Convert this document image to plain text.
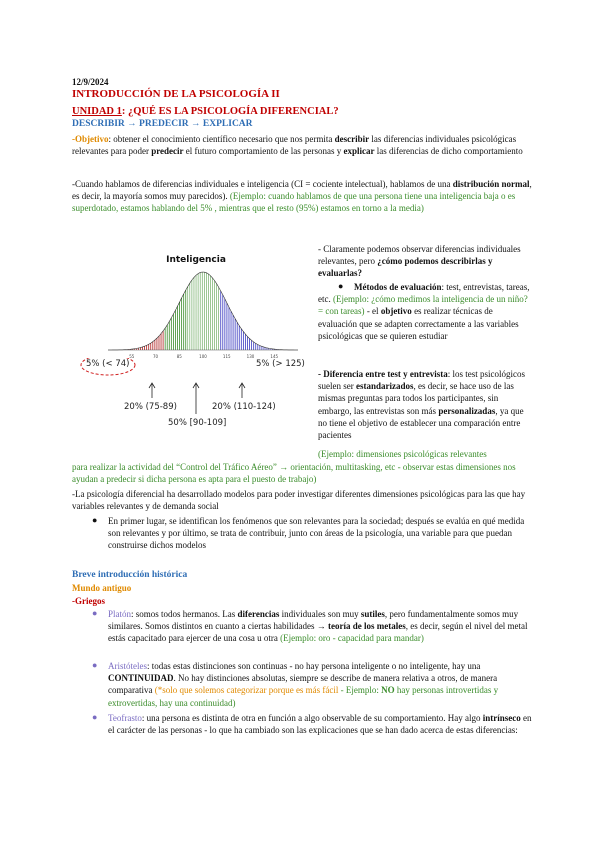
12/9/2024
INTRODUCCIÓN DE LA PSICOLOGÍA II
UNIDAD 1: ¿QUÉ ES LA PSICOLOGÍA DIFERENCIAL?
DESCRIBIR → PREDECIR → EXPLICAR
-Objetivo: obtener el conocimiento científico necesario que nos permita describir las diferencias individuales psicológicas relevantes para poder predecir el futuro comportamiento de las personas y explicar las diferencias de dicho comportamiento
-Cuando hablamos de diferencias individuales e inteligencia (CI = cociente intelectual), hablamos de una distribución normal, es decir, la mayoría somos muy parecidos). (Ejemplo: cuando hablamos de que una persona tiene una inteligencia baja o es superdotado, estamos hablando del 5% , mientras que el resto (95%) estamos en torno a la media)
Inteligencia
55	70	85	100	115	130	145
5% (< 74)	5% (> 125)
20% (75-89)	20% (110-124)
50% [90-109]
- Claramente podemos observar diferencias individuales relevantes, pero ¿cómo podemos describirlas y evaluarlas?
●	Métodos de evaluación: test, entrevistas, tareas, etc. (Ejemplo: ¿cómo medimos la inteligencia de un niño? = con tareas) - el objetivo es realizar técnicas de evaluación que se adapten correctamente a las variables psicológicas que se quieren estudiar
- Diferencia entre test y entrevista: los test psicológicos suelen ser estandarizados, es decir, se hace uso de las mismas preguntas para todos los participantes, sin embargo, las entrevistas son más personalizadas, ya que no tiene el objetivo de establecer una comparación entre pacientes
(Ejemplo: dimensiones psicológicas relevantes
para realizar la actividad del “Control del Tráfico Aéreo” → orientación, multitasking, etc - observar estas dimensiones nos ayudan a predecir si dicha persona es apta para el puesto de trabajo)
-La psicología diferencial ha desarrollado modelos para poder investigar diferentes dimensiones psicológicas para las que hay variables relevantes y de demanda social
● En primer lugar, se identifican los fenómenos que son relevantes para la sociedad; después se evalúa en qué medida son relevantes y por último, se trata de contribuir, junto con áreas de la psicología, una variable para que puedan construirse dichos modelos
Breve introducción histórica
Mundo antiguo
-Griegos
● Platón: somos todos hermanos. Las diferencias individuales son muy sutiles, pero fundamentalmente somos muy similares. Somos distintos en cuanto a ciertas habilidades → teoría de los metales, es decir, según el nivel del metal estás capacitado para ejercer de una cosa u otra (Ejemplo: oro - capacidad para mandar)
● Aristóteles: todas estas distinciones son continuas - no hay persona inteligente o no inteligente, hay una CONTINUIDAD. No hay distinciones absolutas, siempre se describe de manera relativa a otros, de manera comparativa (*solo que solemos categorizar porque es más fácil - Ejemplo: NO hay personas introvertidas y extrovertidas, hay una continuidad)
● Teofrasto: una persona es distinta de otra en función a algo observable de su comportamiento. Hay algo intrínseco en el carácter de las personas - lo que ha cambiado son las explicaciones que se han dado acerca de estas diferencias:
